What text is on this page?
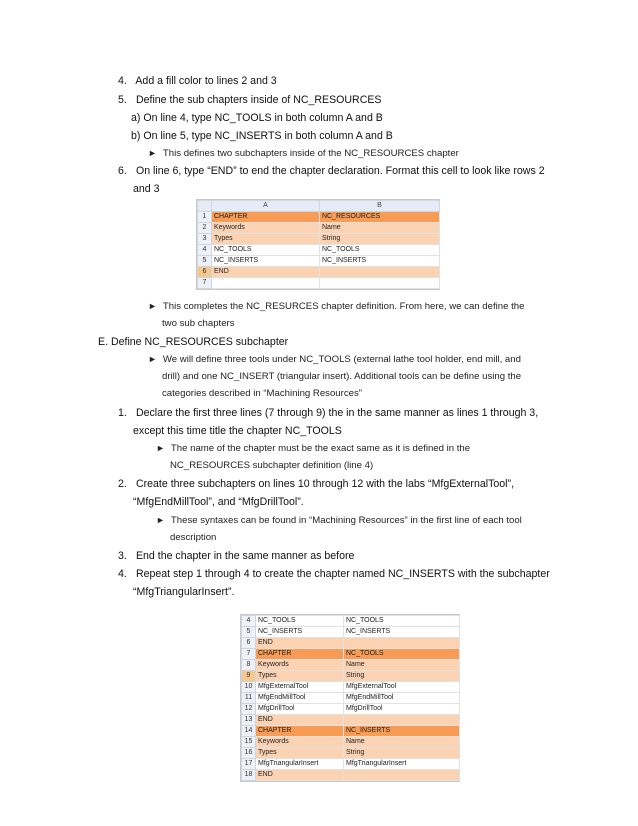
4. Add a fill color to lines 2 and 3
5. Define the sub chapters inside of NC_RESOURCES
a) On line 4, type NC_TOOLS in both column A and B
b) On line 5, type NC_INSERTS in both column A and B
► This defines two subchapters inside of the NC_RESOURCES chapter
6. On line 6, type “END” to end the chapter declaration. Format this cell to look like rows 2
and 3
	A	B
1	CHAPTER	NC_RESOURCES
2	Keywords	Name
3	Types	String
4	NC_TOOLS	NC_TOOLS
5	NC_INSERTS	NC_INSERTS
6	END	
7		
► This completes the NC_RESURCES chapter definition. From here, we can define the
two sub chapters
E. Define NC_RESOURCES subchapter
► We will define three tools under NC_TOOLS (external lathe tool holder, end mill, and
drill) and one NC_INSERT (triangular insert). Additional tools can be define using the
categories described in “Machining Resources”
1. Declare the first three lines (7 through 9) the in the same manner as lines 1 through 3,
except this time title the chapter NC_TOOLS
► The name of the chapter must be the exact same as it is defined in the
NC_RESOURCES subchapter definition (line 4)
2. Create three subchapters on lines 10 through 12 with the labs “MfgExternalTool”,
“MfgEndMillTool”, and “MfgDrillTool”.
► These syntaxes can be found in “Machining Resources” in the first line of each tool
description
3. End the chapter in the same manner as before
4. Repeat step 1 through 4 to create the chapter named NC_INSERTS with the subchapter
“MfgTriangularInsert”.
4	NC_TOOLS	NC_TOOLS
5	NC_INSERTS	NC_INSERTS
6	END	
7	CHAPTER	NC_TOOLS
8	Keywords	Name
9	Types	String
10	MfgExternalTool	MfgExternalTool
11	MfgEndMillTool	MfgEndMillTool
12	MfgDrillTool	MfgDrillTool
13	END	
14	CHAPTER	NC_INSERTS
15	Keywords	Name
16	Types	String
17	MfgTriangularInsert	MfgTriangularInsert
18	END	
